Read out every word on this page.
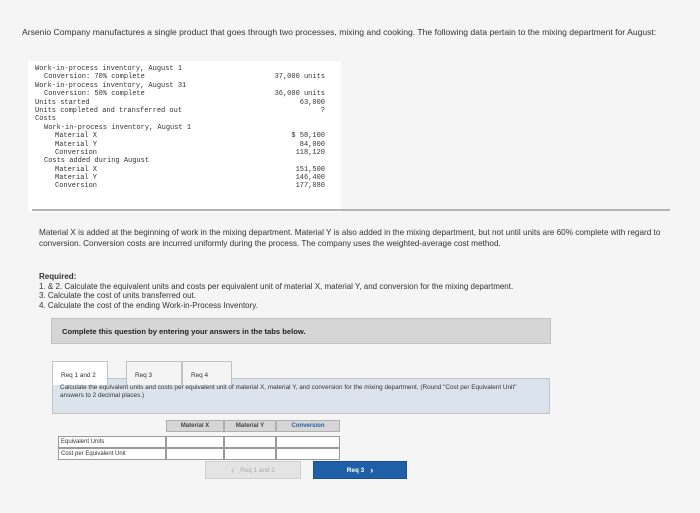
Arsenio Company manufactures a single product that goes through two processes, mixing and cooking. The following data pertain to the mixing department for August:
Work-in-process inventory, August 1
Conversion: 70% complete	37,000 units
Work-in-process inventory, August 31
Conversion: 50% complete	36,000 units
Units started	63,000
Units completed and transferred out	?
Costs
Work-in-process inventory, August 1
Material X	$ 58,100
Material Y	84,000
Conversion	118,120
Costs added during August
Material X	151,500
Material Y	146,400
Conversion	177,080
Material X is added at the beginning of work in the mixing department. Material Y is also added in the mixing department, but not until units are 60% complete with regard to conversion. Conversion costs are incurred uniformly during the process. The company uses the weighted-average cost method.
Required:
1. & 2. Calculate the equivalent units and costs per equivalent unit of material X, material Y, and conversion for the mixing department.
3. Calculate the cost of units transferred out.
4. Calculate the cost of the ending Work-in-Process Inventory.
Complete this question by entering your answers in the tabs below.
Req 1 and 2	Req 3	Req 4
Calculate the equivalent units and costs per equivalent unit of material X, material Y, and conversion for the mixing department. (Round "Cost per Equivalent Unit" answers to 2 decimal places.)
Material X	Material Y	Conversion
Equivalent Units
Cost per Equivalent Unit
‹ Req 1 and 2	Req 3 ›
